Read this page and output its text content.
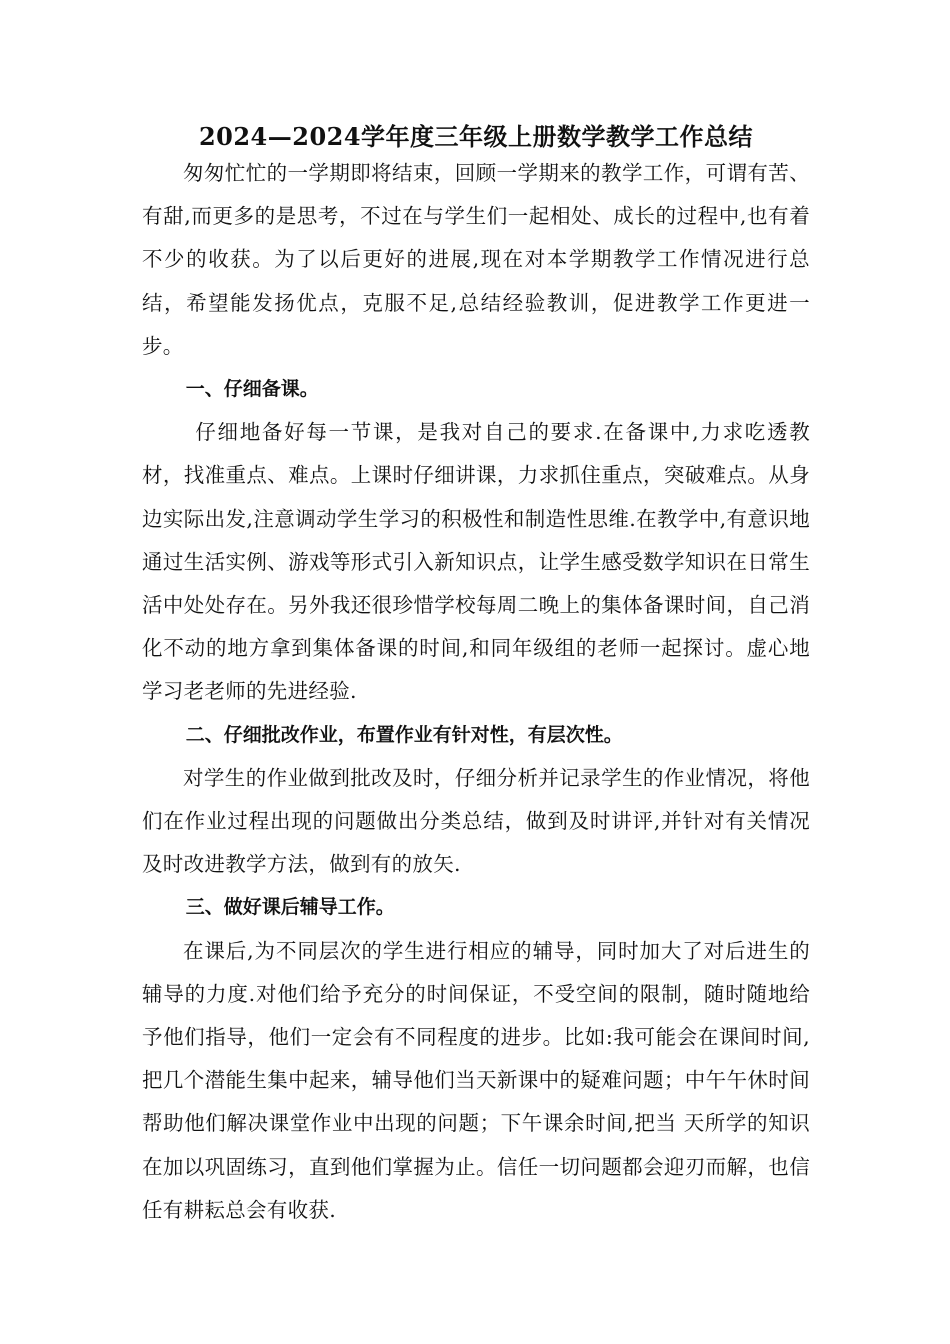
2024—2024学年度三年级上册数学教学工作总结

匆匆忙忙的一学期即将结束，回顾一学期来的教学工作，可谓有苦、有甜,而更多的是思考，不过在与学生们一起相处、成长的过程中,也有着不少的收获。为了以后更好的进展,现在对本学期教学工作情况进行总结，希望能发扬优点，克服不足,总结经验教训，促进教学工作更进一步。

一、仔细备课。

仔细地备好每一节课，是我对自己的要求.在备课中,力求吃透教材，找准重点、难点。上课时仔细讲课，力求抓住重点，突破难点。从身边实际出发,注意调动学生学习的积极性和制造性思维.在教学中,有意识地通过生活实例、游戏等形式引入新知识点，让学生感受数学知识在日常生活中处处存在。另外我还很珍惜学校每周二晚上的集体备课时间，自己消化不动的地方拿到集体备课的时间,和同年级组的老师一起探讨。虚心地学习老老师的先进经验.

二、仔细批改作业，布置作业有针对性，有层次性。

对学生的作业做到批改及时，仔细分析并记录学生的作业情况，将他们在作业过程出现的问题做出分类总结，做到及时讲评,并针对有关情况及时改进教学方法，做到有的放矢.

三、做好课后辅导工作。

在课后,为不同层次的学生进行相应的辅导，同时加大了对后进生的辅导的力度.对他们给予充分的时间保证，不受空间的限制，随时随地给予他们指导，他们一定会有不同程度的进步。比如:我可能会在课间时间,把几个潜能生集中起来，辅导他们当天新课中的疑难问题；中午午休时间帮助他们解决课堂作业中出现的问题；下午课余时间,把当 天所学的知识在加以巩固练习，直到他们掌握为止。信任一切问题都会迎刃而解，也信任有耕耘总会有收获.
